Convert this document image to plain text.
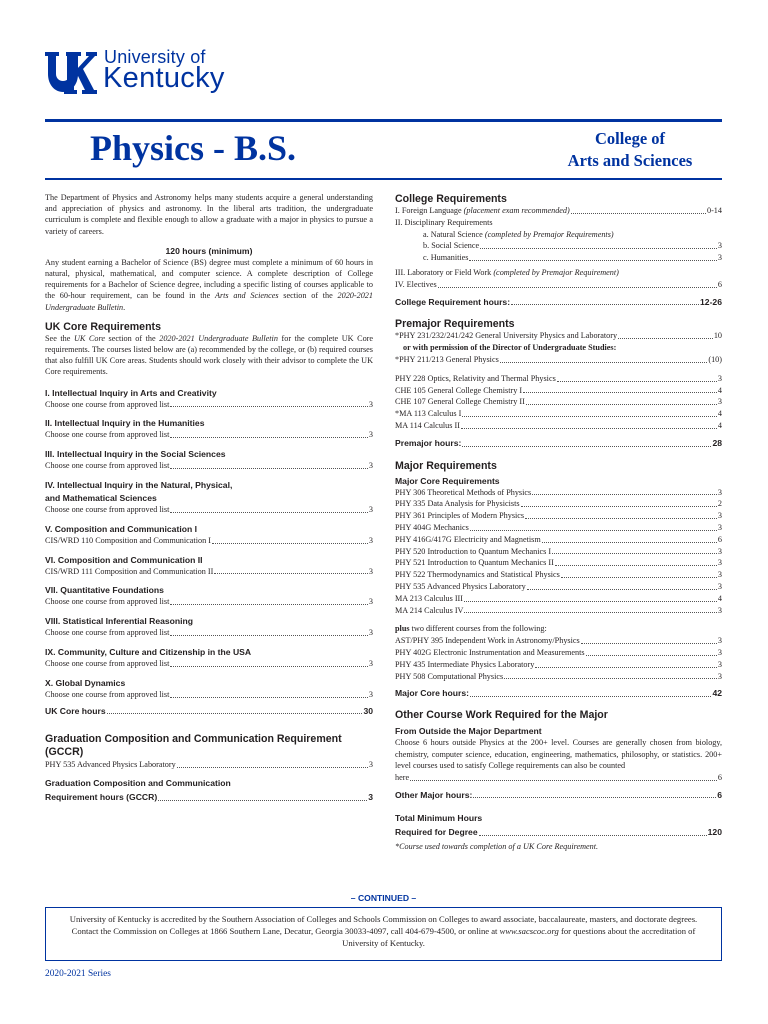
University of
Kentucky
Physics - B.S.	College of
Arts and Sciences
The Department of Physics and Astronomy helps many students acquire a general understanding and appreciation of physics and astronomy. In the liberal arts tradition, the undergraduate curriculum is complete and flexible enough to allow a graduate with a major in physics to pursue a variety of careers.
120 hours (minimum)
Any student earning a Bachelor of Science (BS) degree must complete a minimum of 60 hours in natural, physical, mathematical, and computer science. A complete description of College requirements for a Bachelor of Science degree, including a specific listing of courses applicable to the 60-hour requirement, can be found in the Arts and Sciences section of the 2020-2021 Undergraduate Bulletin.
UK Core Requirements
See the UK Core section of the 2020-2021 Undergraduate Bulletin for the complete UK Core requirements. The courses listed below are (a) recommended by the college, or (b) required courses that also fulfill UK Core areas. Students should work closely with their advisor to complete the UK Core requirements.
I. Intellectual Inquiry in Arts and Creativity
Choose one course from approved list	3
II. Intellectual Inquiry in the Humanities
Choose one course from approved list	3
III. Intellectual Inquiry in the Social Sciences
Choose one course from approved list	3
IV. Intellectual Inquiry in the Natural, Physical,
and Mathematical Sciences
Choose one course from approved list	3
V. Composition and Communication I
CIS/WRD 110 Composition and Communication I	3
VI. Composition and Communication II
CIS/WRD 111 Composition and Communication II	3
VII. Quantitative Foundations
Choose one course from approved list	3
VIII. Statistical Inferential Reasoning
Choose one course from approved list	3
IX. Community, Culture and Citizenship in the USA
Choose one course from approved list	3
X. Global Dynamics
Choose one course from approved list	3
UK Core hours	30
Graduation Composition and Communication Requirement (GCCR)
PHY 535 Advanced Physics Laboratory	3
Graduation Composition and Communication
Requirement hours (GCCR)	3
College Requirements
I. Foreign Language (placement exam recommended)	0-14
II. Disciplinary Requirements
a. Natural Science (completed by Premajor Requirements)
b. Social Science	3
c. Humanities	3
III. Laboratory or Field Work (completed by Premajor Requirement)
IV. Electives	6
College Requirement hours:	12-26
Premajor Requirements
*PHY 231/232/241/242 General University Physics and Laboratory	10
or with permission of the Director of Undergraduate Studies:
*PHY 211/213 General Physics	(10)
PHY 228 Optics, Relativity and Thermal Physics	3
CHE 105 General College Chemistry I	4
CHE 107 General College Chemistry II	3
*MA 113 Calculus I	4
MA 114 Calculus II	4
Premajor hours:	28
Major Requirements
Major Core Requirements
PHY 306 Theoretical Methods of Physics	3
PHY 335 Data Analysis for Physicists	2
PHY 361 Principles of Modern Physics	3
PHY 404G Mechanics	3
PHY 416G/417G Electricity and Magnetism	6
PHY 520 Introduction to Quantum Mechanics I	3
PHY 521 Introduction to Quantum Mechanics II	3
PHY 522 Thermodynamics and Statistical Physics	3
PHY 535 Advanced Physics Laboratory	3
MA 213 Calculus III	4
MA 214 Calculus IV	3
plus two different courses from the following:
AST/PHY 395 Independent Work in Astronomy/Physics	3
PHY 402G Electronic Instrumentation and Measurements	3
PHY 435 Intermediate Physics Laboratory	3
PHY 508 Computational Physics	3
Major Core hours:	42
Other Course Work Required for the Major
From Outside the Major Department
Choose 6 hours outside Physics at the 200+ level. Courses are generally chosen from biology, chemistry, computer science, education, engineering, mathematics, philosophy, or statistics. 200+ level courses used to satisfy College requirements can also be counted
here	6
Other Major hours:	6
Total Minimum Hours
Required for Degree	120
*Course used towards completion of a UK Core Requirement.
– CONTINUED –
University of Kentucky is accredited by the Southern Association of Colleges and Schools Commission on Colleges to award associate, baccalaureate, masters, and doctorate degrees. Contact the Commission on Colleges at 1866 Southern Lane, Decatur, Georgia 30033-4097, call 404-679-4500, or online at www.sacscoc.org for questions about the accreditation of University of Kentucky.
2020-2021 Series
